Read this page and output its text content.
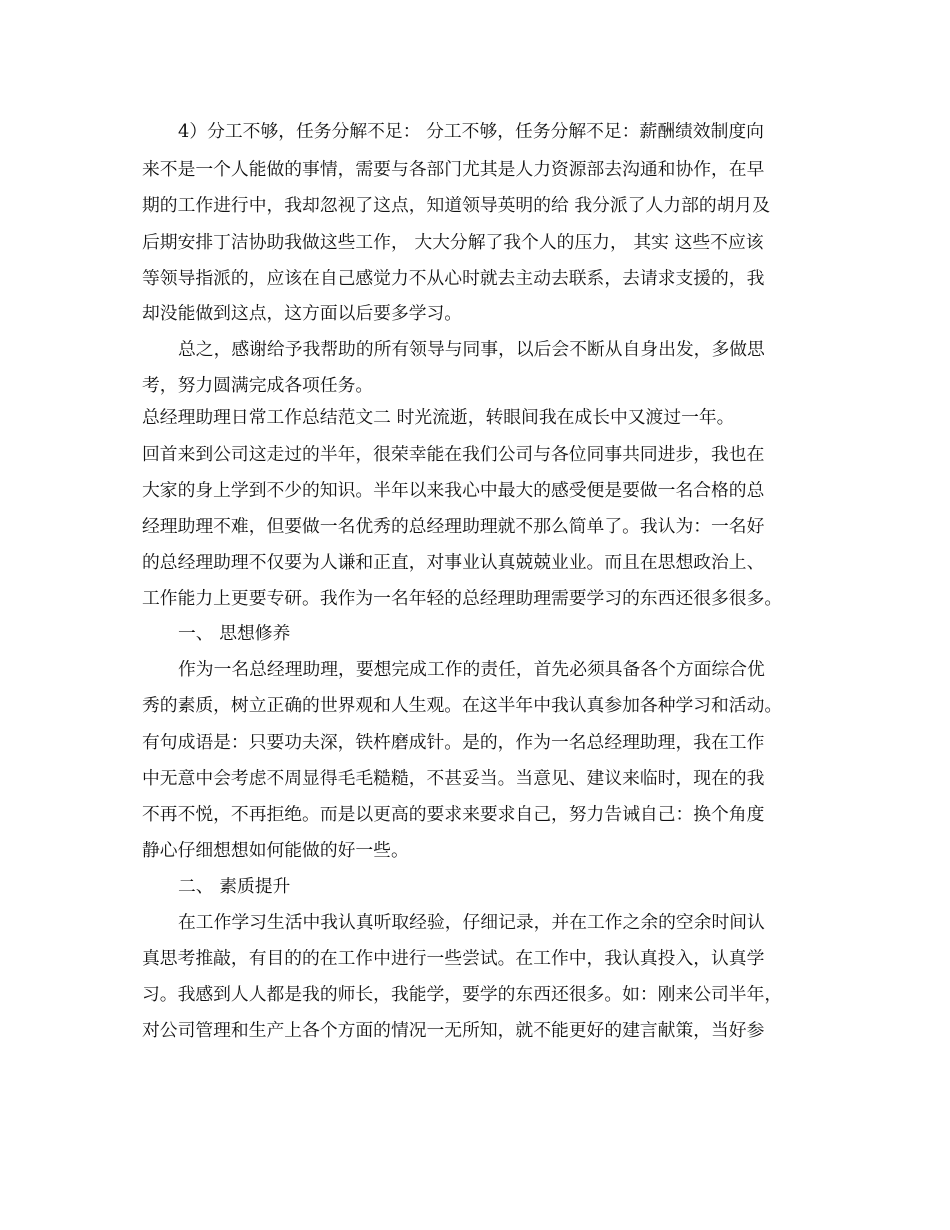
4）分工不够，任务分解不足： 分工不够，任务分解不足：薪酬绩效制度向
来不是一个人能做的事情，需要与各部门尤其是人力资源部去沟通和协作，在早
期的工作进行中，我却忽视了这点，知道领导英明的给 我分派了人力部的胡月及
后期安排丁洁协助我做这些工作， 大大分解了我个人的压力， 其实 这些不应该
等领导指派的，应该在自己感觉力不从心时就去主动去联系，去请求支援的，我
却没能做到这点，这方面以后要多学习。
总之，感谢给予我帮助的所有领导与同事，以后会不断从自身出发，多做思
考，努力圆满完成各项任务。
总经理助理日常工作总结范文二 时光流逝，转眼间我在成长中又渡过一年。
回首来到公司这走过的半年，很荣幸能在我们公司与各位同事共同进步，我也在
大家的身上学到不少的知识。半年以来我心中最大的感受便是要做一名合格的总
经理助理不难，但要做一名优秀的总经理助理就不那么简单了。我认为：一名好
的总经理助理不仅要为人谦和正直，对事业认真兢兢业业。而且在思想政治上、
工作能力上更要专研。我作为一名年轻的总经理助理需要学习的东西还很多很多。
一、 思想修养
作为一名总经理助理，要想完成工作的责任，首先必须具备各个方面综合优
秀的素质，树立正确的世界观和人生观。在这半年中我认真参加各种学习和活动。
有句成语是：只要功夫深，铁杵磨成针。是的，作为一名总经理助理，我在工作
中无意中会考虑不周显得毛毛糙糙，不甚妥当。当意见、建议来临时，现在的我
不再不悦，不再拒绝。而是以更高的要求来要求自己，努力告诫自己：换个角度
静心仔细想想如何能做的好一些。
二、 素质提升
在工作学习生活中我认真听取经验，仔细记录，并在工作之余的空余时间认
真思考推敲，有目的的在工作中进行一些尝试。在工作中，我认真投入，认真学
习。我感到人人都是我的师长，我能学，要学的东西还很多。如：刚来公司半年，
对公司管理和生产上各个方面的情况一无所知，就不能更好的建言献策，当好参
